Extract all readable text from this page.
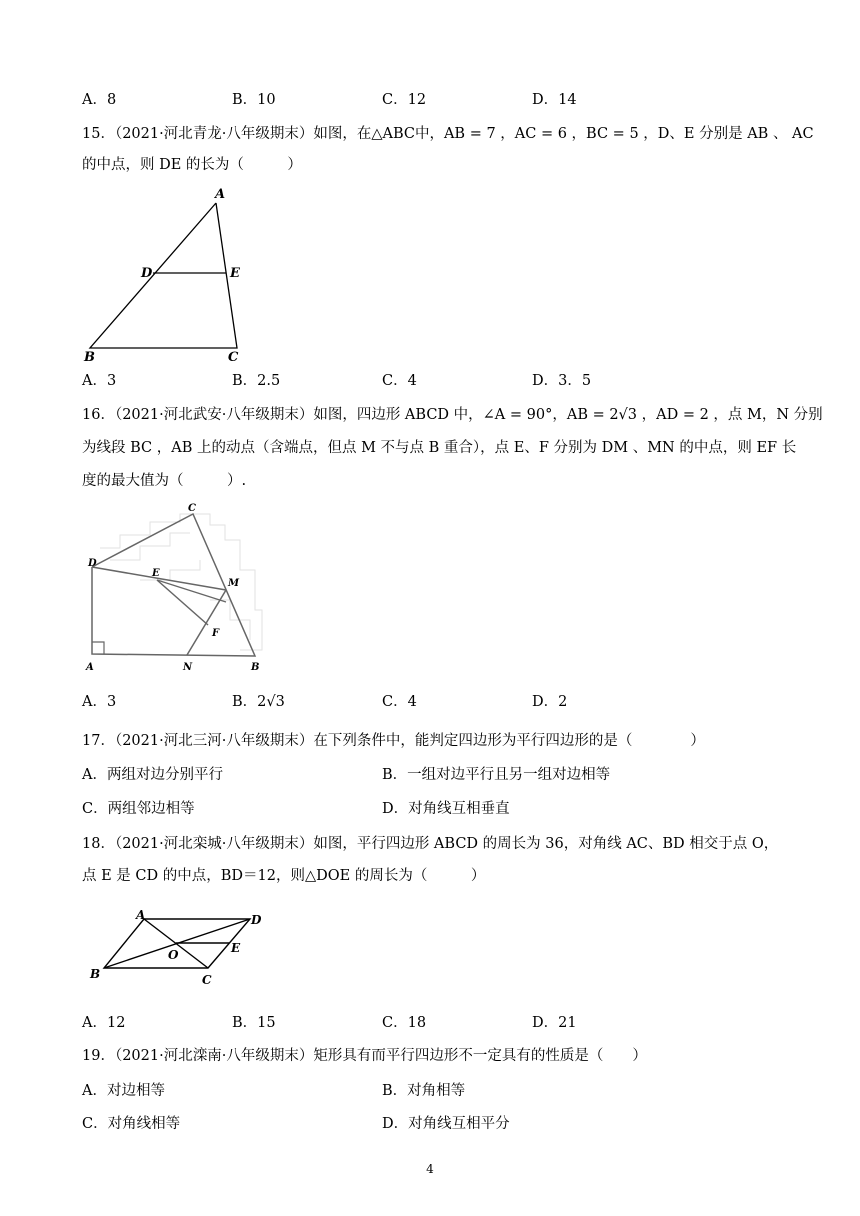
A．8	B．10	C．12	D．14
15．（2021·河北青龙·八年级期末）如图，在△ABC中，AB = 7 ，AC = 6 ，BC = 5 ，D、E 分别是 AB 、 AC
的中点，则 DE 的长为（　　　）
A
D	E
B	C
A．3	B．2.5	C．4	D．3．5
16．（2021·河北武安·八年级期末）如图，四边形 ABCD 中，∠A = 90°，AB = 2√3 ，AD = 2 ，点 M，N 分别
为线段 BC ，AB 上的动点（含端点，但点 M 不与点 B 重合），点 E、F 分别为 DM 、MN 的中点，则 EF 长
度的最大值为（　　　）.
C
D
E
M
F
A	N	B
A．3	B．2√3	C．4	D．2
17．（2021·河北三河·八年级期末）在下列条件中，能判定四边形为平行四边形的是（　　　　）
A．两组对边分别平行	B．一组对边平行且另一组对边相等
C．两组邻边相等	D．对角线互相垂直
18．（2021·河北栾城·八年级期末）如图，平行四边形 ABCD 的周长为 36，对角线 AC、BD 相交于点 O，
点 E 是 CD 的中点，BD＝12，则△DOE 的周长为（　　　）
A	D
E
O
B	C
A．12	B．15	C．18	D．21
19．（2021·河北滦南·八年级期末）矩形具有而平行四边形不一定具有的性质是（　　）
A．对边相等	B．对角相等
C．对角线相等	D．对角线互相平分
4
